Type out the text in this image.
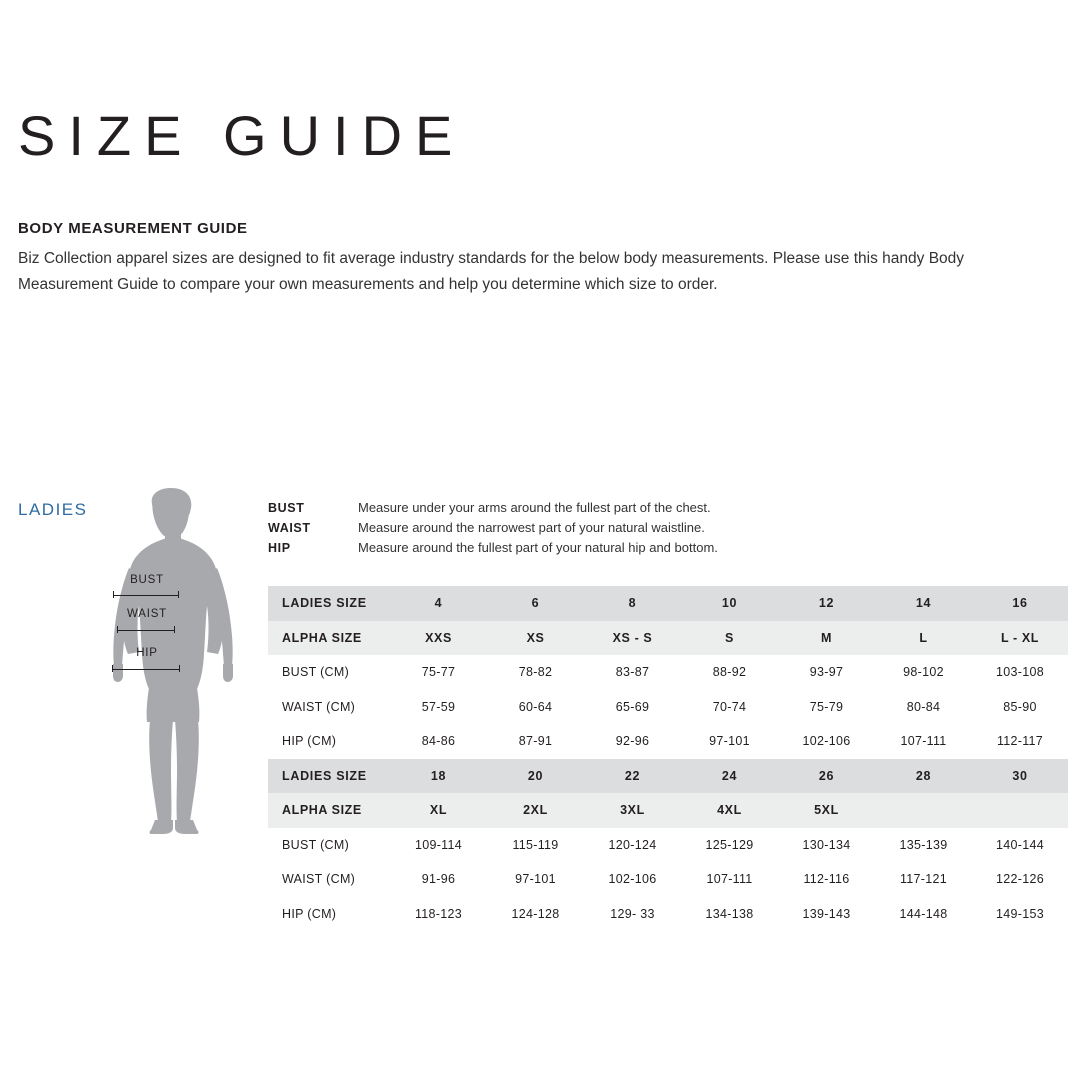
SIZE GUIDE
BODY MEASUREMENT GUIDE
Biz Collection apparel sizes are designed to fit average industry standards for the below body measurements. Please use this handy Body Measurement Guide to compare your own measurements and help you determine which size to order.
LADIES
BUST
WAIST
HIP
BUST	Measure under your arms around the fullest part of the chest.
WAIST	Measure around the narrowest part of your natural waistline.
HIP	Measure around the fullest part of your natural hip and bottom.
LADIES SIZE	4	6	8	10	12	14	16
ALPHA SIZE	XXS	XS	XS - S	S	M	L	L - XL
BUST (CM)	75-77	78-82	83-87	88-92	93-97	98-102	103-108
WAIST (CM)	57-59	60-64	65-69	70-74	75-79	80-84	85-90
HIP (CM)	84-86	87-91	92-96	97-101	102-106	107-111	112-117
LADIES SIZE	18	20	22	24	26	28	30
ALPHA SIZE	XL	2XL	3XL	4XL	5XL		
BUST (CM)	109-114	115-119	120-124	125-129	130-134	135-139	140-144
WAIST (CM)	91-96	97-101	102-106	107-111	112-116	117-121	122-126
HIP (CM)	118-123	124-128	129- 33	134-138	139-143	144-148	149-153
